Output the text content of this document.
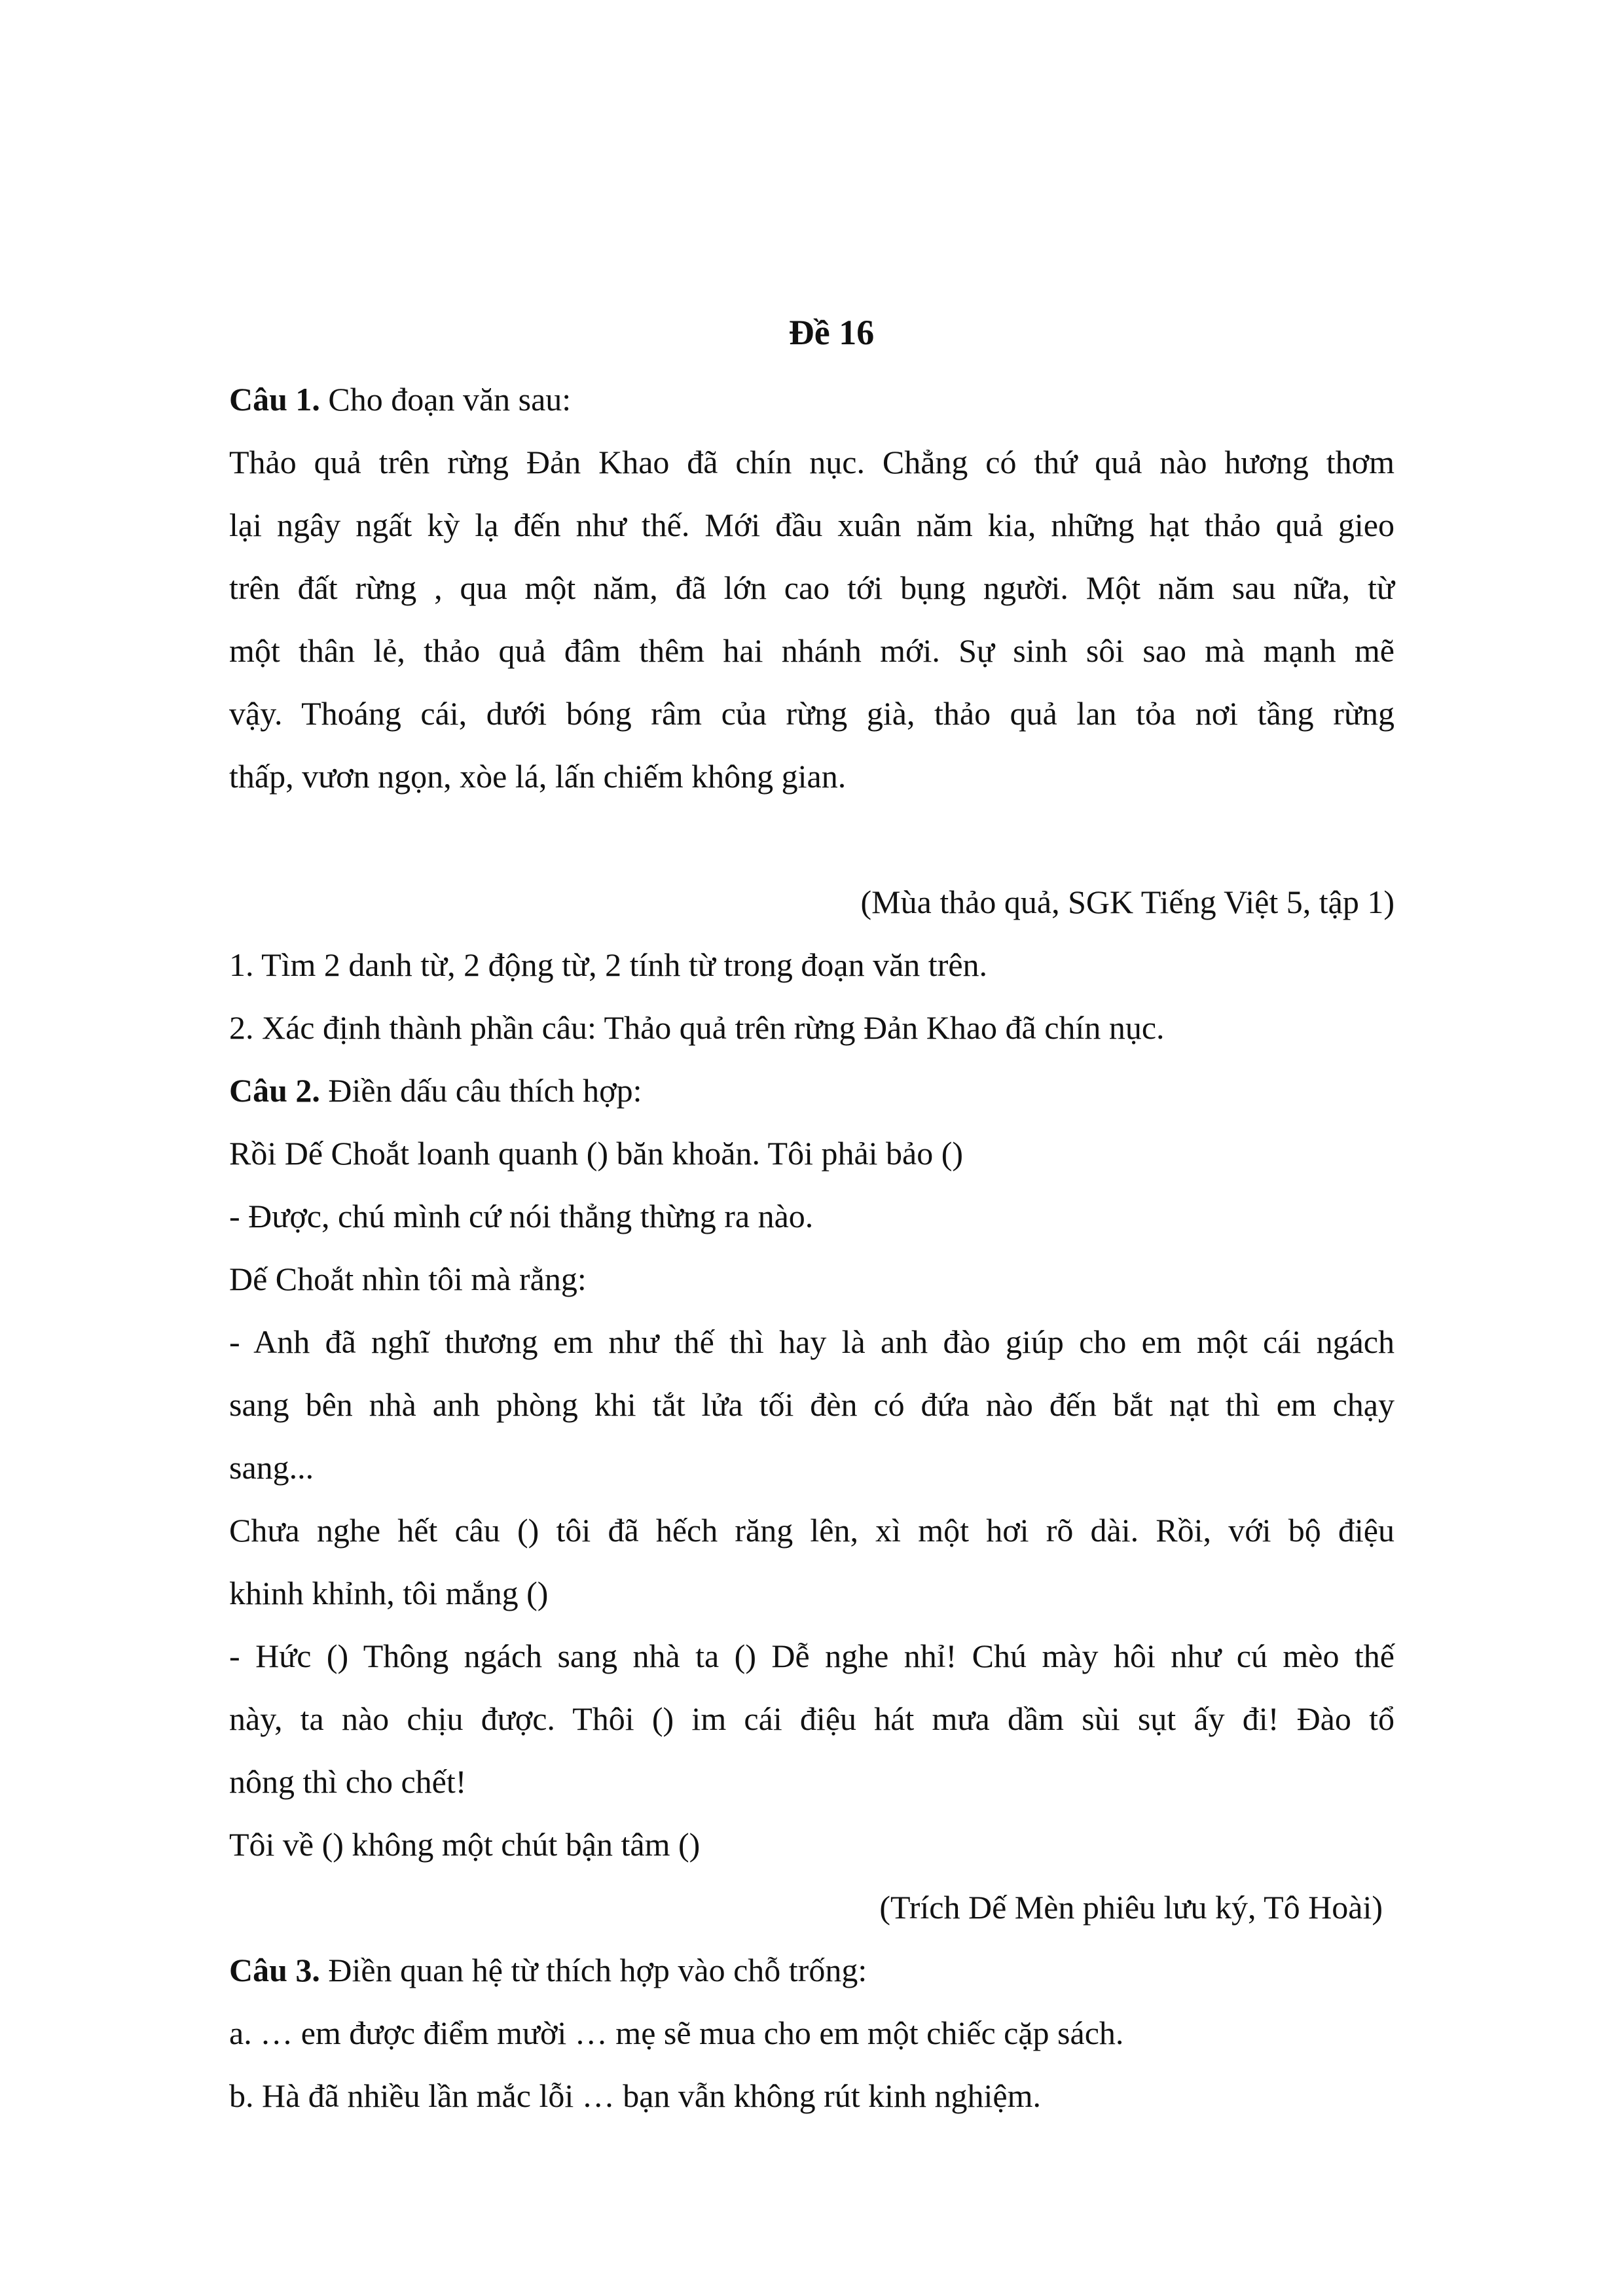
Đề 16
Câu 1. Cho đoạn văn sau:
Thảo quả trên rừng Đản Khao đã chín nục. Chẳng có thứ quả nào hương thơm
lại ngây ngất kỳ lạ đến như thế. Mới đầu xuân năm kia, những hạt thảo quả gieo
trên đất rừng , qua một năm, đã lớn cao tới bụng người. Một năm sau nữa, từ
một thân lẻ, thảo quả đâm thêm hai nhánh mới. Sự sinh sôi sao mà mạnh mẽ
vậy. Thoáng cái, dưới bóng râm của rừng già, thảo quả lan tỏa nơi tầng rừng
thấp, vươn ngọn, xòe lá, lấn chiếm không gian.
(Mùa thảo quả, SGK Tiếng Việt 5, tập 1)
1. Tìm 2 danh từ, 2 động từ, 2 tính từ trong đoạn văn trên.
2. Xác định thành phần câu: Thảo quả trên rừng Đản Khao đã chín nục.
Câu 2. Điền dấu câu thích hợp:
Rồi Dế Choắt loanh quanh () băn khoăn. Tôi phải bảo ()
- Được, chú mình cứ nói thẳng thừng ra nào.
Dế Choắt nhìn tôi mà rằng:
- Anh đã nghĩ thương em như thế thì hay là anh đào giúp cho em một cái ngách
sang bên nhà anh phòng khi tắt lửa tối đèn có đứa nào đến bắt nạt thì em chạy
sang...
Chưa nghe hết câu () tôi đã hếch răng lên, xì một hơi rõ dài. Rồi, với bộ điệu
khinh khỉnh, tôi mắng ()
- Hức () Thông ngách sang nhà ta () Dễ nghe nhỉ! Chú mày hôi như cú mèo thế
này, ta nào chịu được. Thôi () im cái điệu hát mưa dầm sùi sụt ấy đi! Đào tổ
nông thì cho chết!
Tôi về () không một chút bận tâm ()
(Trích Dế Mèn phiêu lưu ký, Tô Hoài)
Câu 3. Điền quan hệ từ thích hợp vào chỗ trống:
a. … em được điểm mười … mẹ sẽ mua cho em một chiếc cặp sách.
b. Hà đã nhiều lần mắc lỗi … bạn vẫn không rút kinh nghiệm.
